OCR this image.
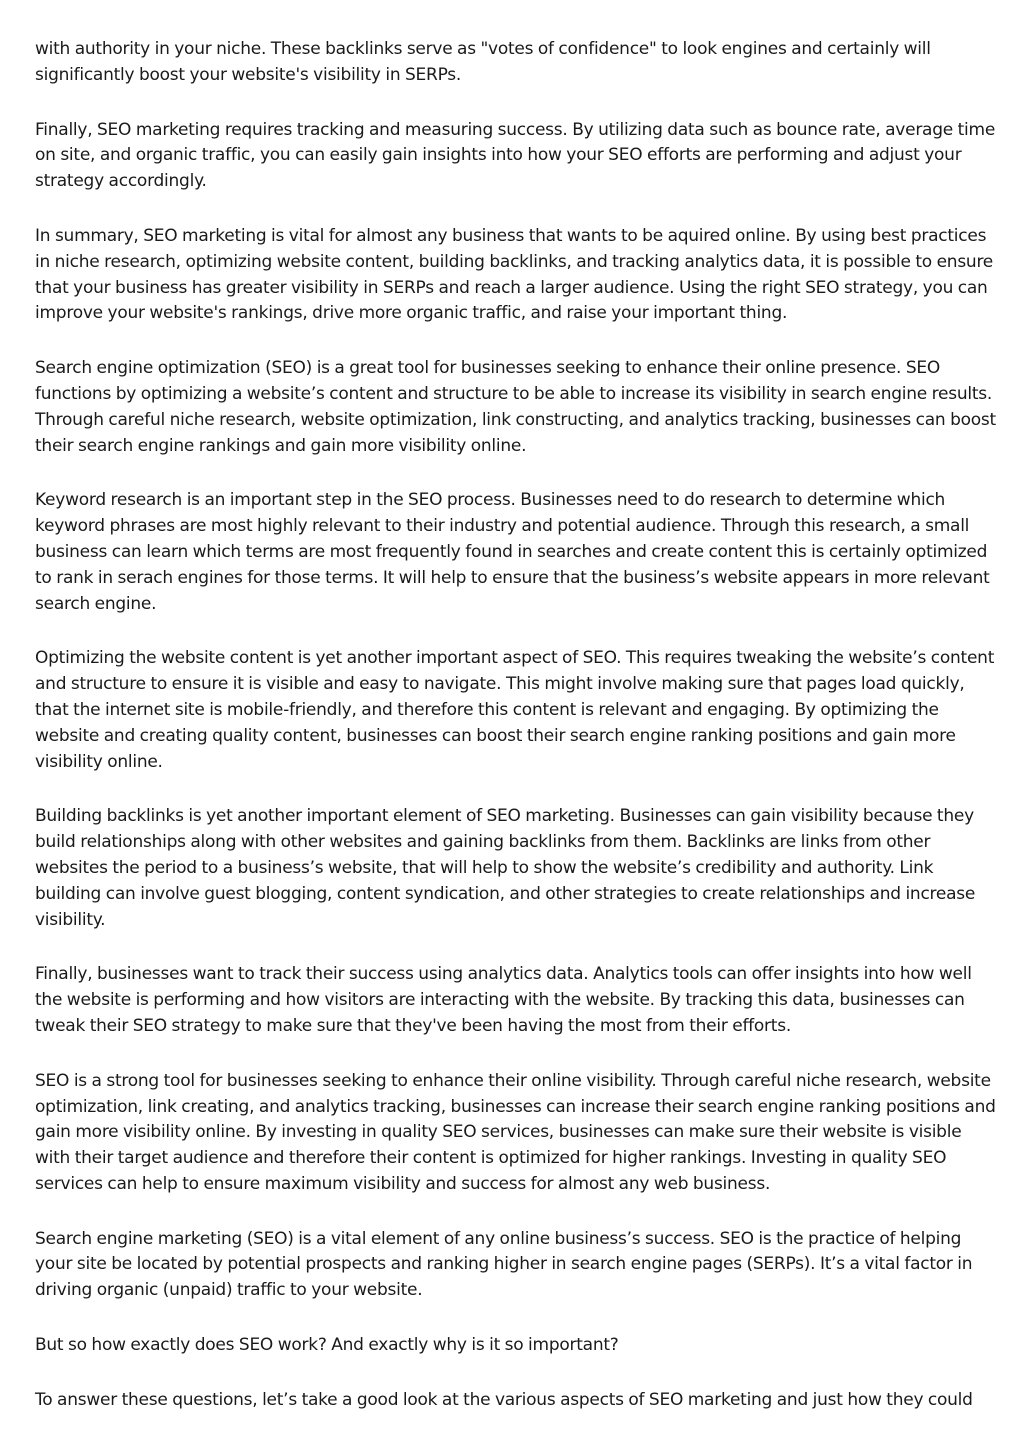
with authority in your niche. These backlinks serve as "votes of confidence" to look engines and certainly will significantly boost your website's visibility in SERPs.

Finally, SEO marketing requires tracking and measuring success. By utilizing data such as bounce rate, average time on site, and organic traffic, you can easily gain insights into how your SEO efforts are performing and adjust your strategy accordingly.

In summary, SEO marketing is vital for almost any business that wants to be aquired online. By using best practices in niche research, optimizing website content, building backlinks, and tracking analytics data, it is possible to ensure that your business has greater visibility in SERPs and reach a larger audience. Using the right SEO strategy, you can improve your website's rankings, drive more organic traffic, and raise your important thing.

Search engine optimization (SEO) is a great tool for businesses seeking to enhance their online presence. SEO functions by optimizing a website’s content and structure to be able to increase its visibility in search engine results. Through careful niche research, website optimization, link constructing, and analytics tracking, businesses can boost their search engine rankings and gain more visibility online.

Keyword research is an important step in the SEO process. Businesses need to do research to determine which keyword phrases are most highly relevant to their industry and potential audience. Through this research, a small business can learn which terms are most frequently found in searches and create content this is certainly optimized to rank in serach engines for those terms. It will help to ensure that the business’s website appears in more relevant search engine.

Optimizing the website content is yet another important aspect of SEO. This requires tweaking the website’s content and structure to ensure it is visible and easy to navigate. This might involve making sure that pages load quickly, that the internet site is mobile-friendly, and therefore this content is relevant and engaging. By optimizing the website and creating quality content, businesses can boost their search engine ranking positions and gain more visibility online.

Building backlinks is yet another important element of SEO marketing. Businesses can gain visibility because they build relationships along with other websites and gaining backlinks from them. Backlinks are links from other websites the period to a business’s website, that will help to show the website’s credibility and authority. Link building can involve guest blogging, content syndication, and other strategies to create relationships and increase visibility.

Finally, businesses want to track their success using analytics data. Analytics tools can offer insights into how well the website is performing and how visitors are interacting with the website. By tracking this data, businesses can tweak their SEO strategy to make sure that they've been having the most from their efforts.

SEO is a strong tool for businesses seeking to enhance their online visibility. Through careful niche research, website optimization, link creating, and analytics tracking, businesses can increase their search engine ranking positions and gain more visibility online. By investing in quality SEO services, businesses can make sure their website is visible with their target audience and therefore their content is optimized for higher rankings. Investing in quality SEO services can help to ensure maximum visibility and success for almost any web business.

Search engine marketing (SEO) is a vital element of any online business’s success. SEO is the practice of helping your site be located by potential prospects and ranking higher in search engine pages (SERPs). It’s a vital factor in driving organic (unpaid) traffic to your website.

But so how exactly does SEO work? And exactly why is it so important?

To answer these questions, let’s take a good look at the various aspects of SEO marketing and just how they could
